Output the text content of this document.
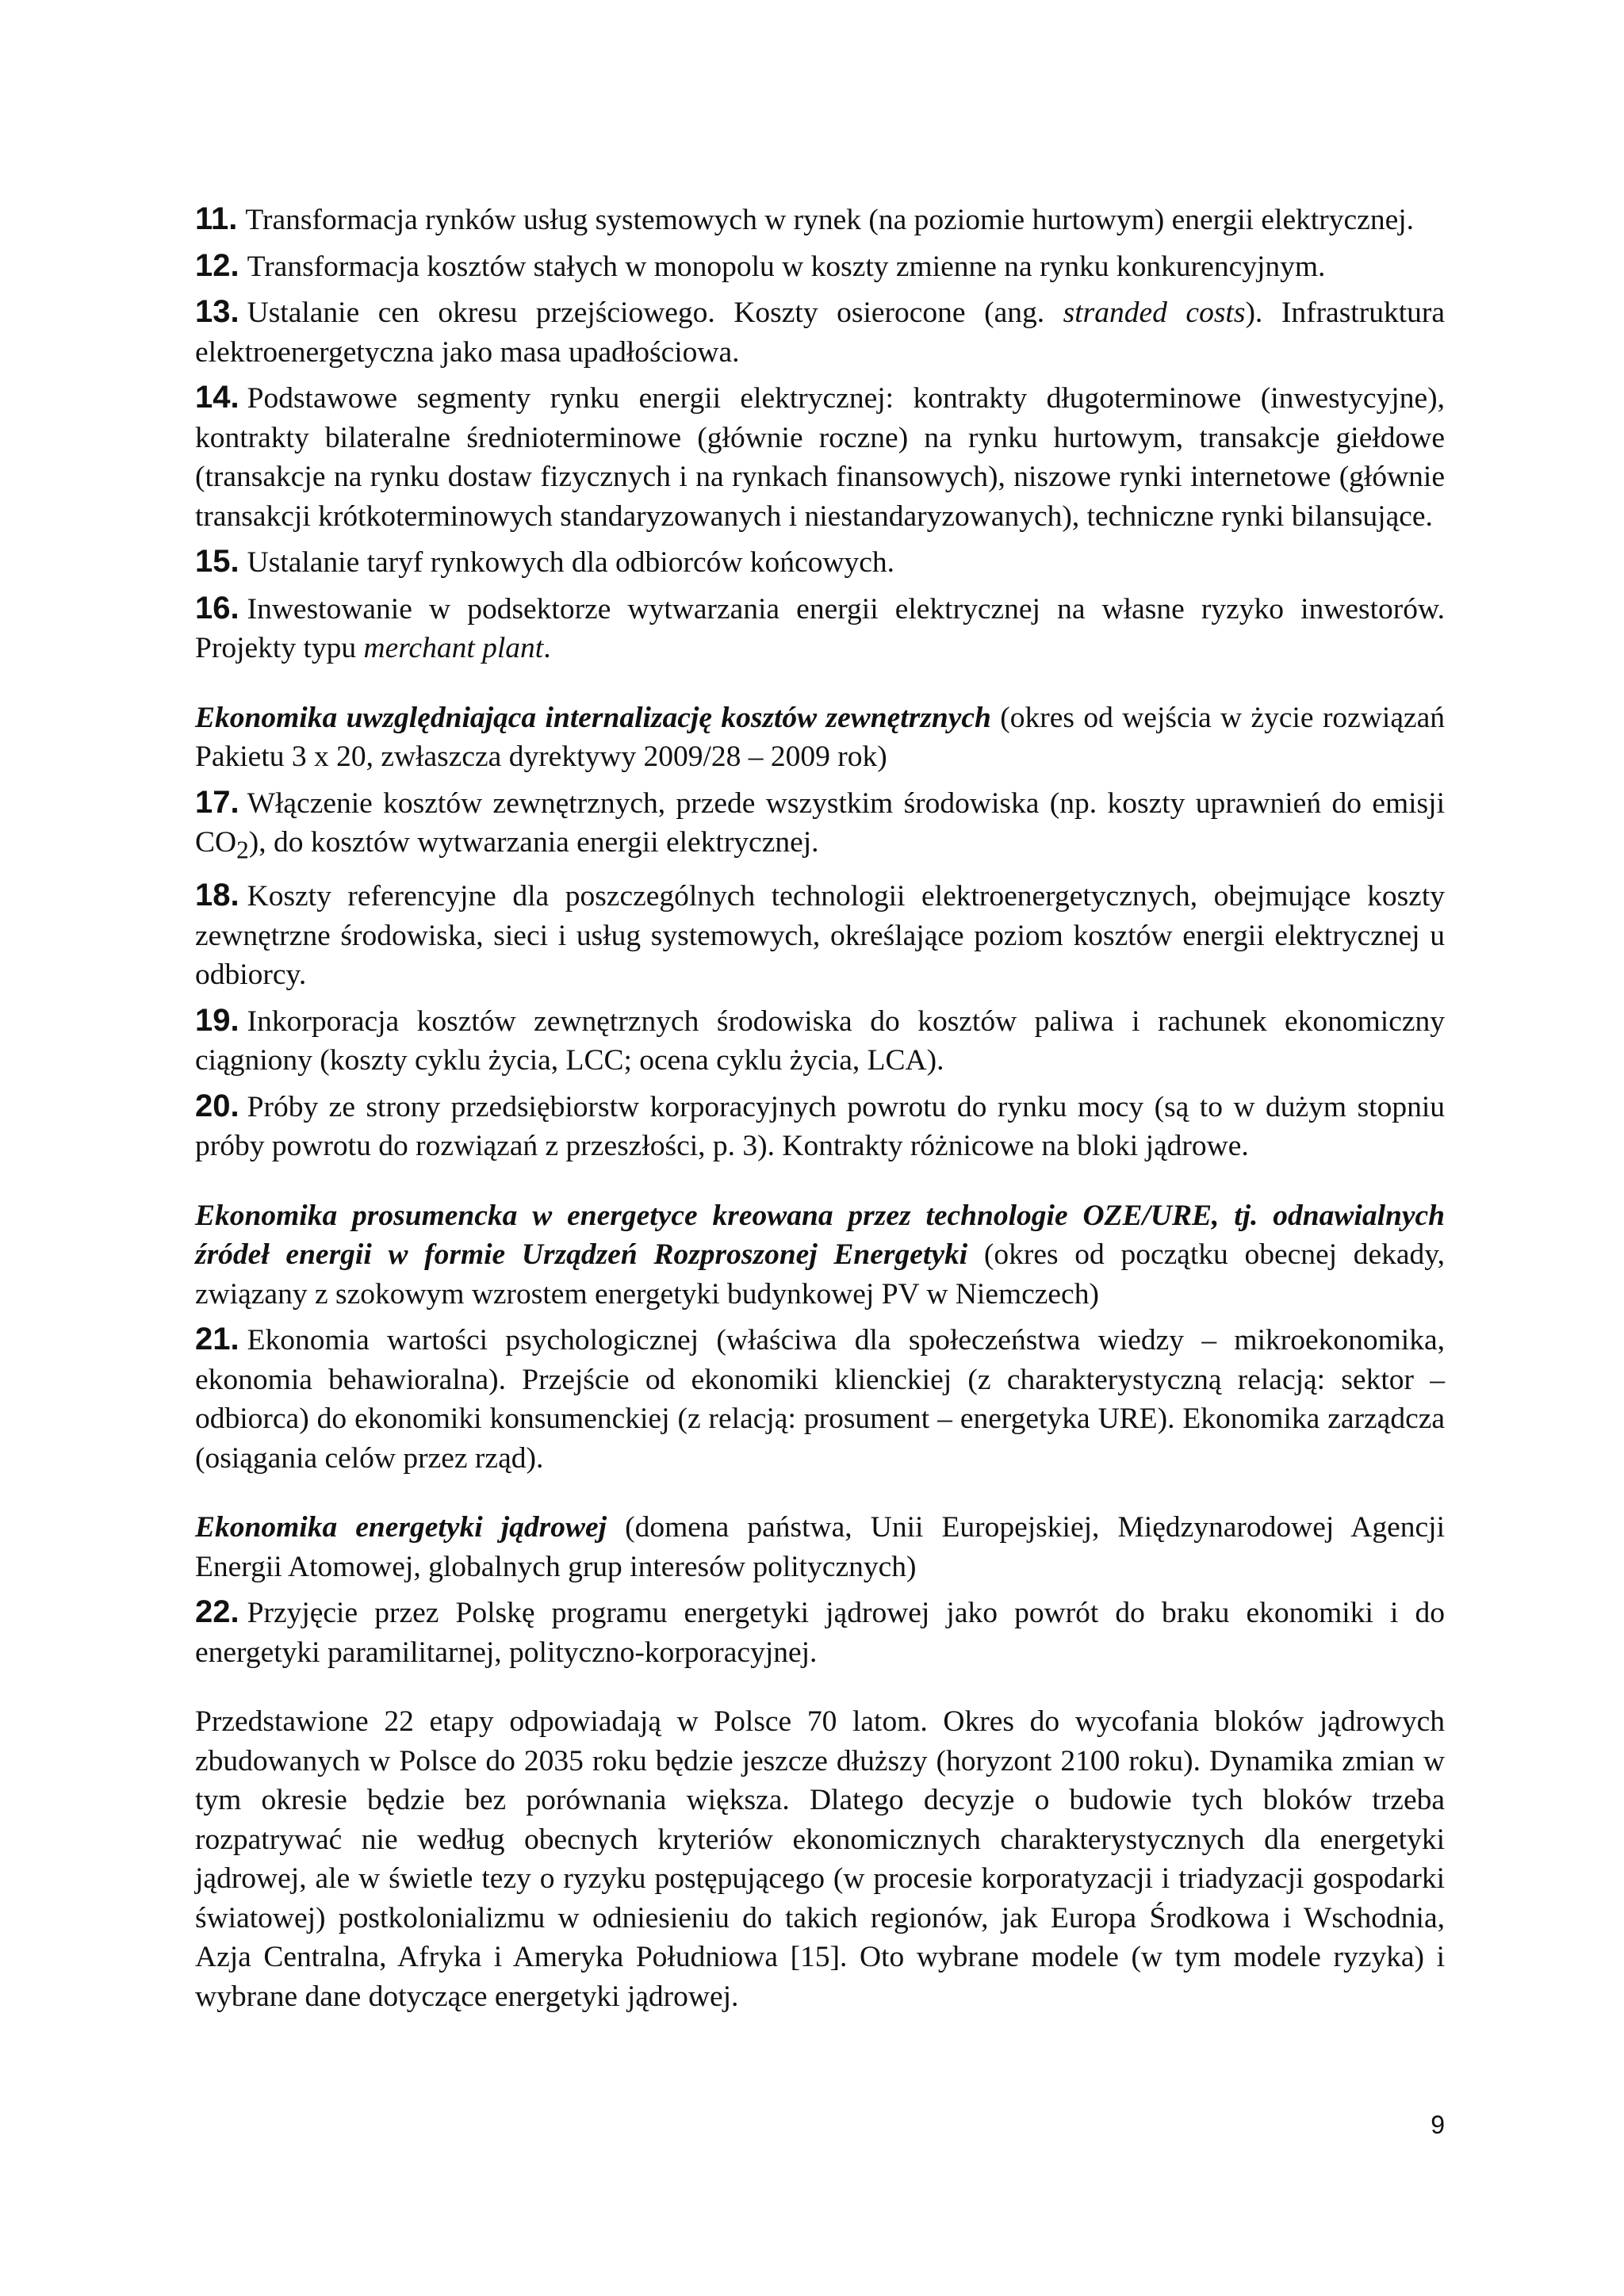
11. Transformacja rynków usług systemowych w rynek (na poziomie hurtowym) energii elektrycznej.

12. Transformacja kosztów stałych w monopolu w koszty zmienne na rynku konkurencyjnym.

13. Ustalanie cen okresu przejściowego. Koszty osierocone (ang. stranded costs). Infrastruktura elektroenergetyczna jako masa upadłościowa.

14. Podstawowe segmenty rynku energii elektrycznej: kontrakty długoterminowe (inwestycyjne), kontrakty bilateralne średnioterminowe (głównie roczne) na rynku hurtowym, transakcje giełdowe (transakcje na rynku dostaw fizycznych i na rynkach finansowych), niszowe rynki internetowe (głównie transakcji krótkoterminowych standaryzowanych i niestandaryzowanych), techniczne rynki bilansujące.

15. Ustalanie taryf rynkowych dla odbiorców końcowych.

16. Inwestowanie w podsektorze wytwarzania energii elektrycznej na własne ryzyko inwestorów. Projekty typu merchant plant.

Ekonomika uwzględniająca internalizację kosztów zewnętrznych (okres od wejścia w życie rozwiązań Pakietu 3 x 20, zwłaszcza dyrektywy 2009/28 – 2009 rok)

17. Włączenie kosztów zewnętrznych, przede wszystkim środowiska (np. koszty uprawnień do emisji $CO_2$), do kosztów wytwarzania energii elektrycznej.

18. Koszty referencyjne dla poszczególnych technologii elektroenergetycznych, obejmujące koszty zewnętrzne środowiska, sieci i usług systemowych, określające poziom kosztów energii elektrycznej u odbiorcy.

19. Inkorporacja kosztów zewnętrznych środowiska do kosztów paliwa i rachunek ekonomiczny ciągniony (koszty cyklu życia, LCC; ocena cyklu życia, LCA).

20. Próby ze strony przedsiębiorstw korporacyjnych powrotu do rynku mocy (są to w dużym stopniu próby powrotu do rozwiązań z przeszłości, p. 3). Kontrakty różnicowe na bloki jądrowe.

Ekonomika prosumencka w energetyce kreowana przez technologie OZE/URE, tj. odnawialnych źródeł energii w formie Urządzeń Rozproszonej Energetyki (okres od początku obecnej dekady, związany z szokowym wzrostem energetyki budynkowej PV w Niemczech)

21. Ekonomia wartości psychologicznej (właściwa dla społeczeństwa wiedzy – mikroekonomika, ekonomia behawioralna). Przejście od ekonomiki klienckiej (z charakterystyczną relacją: sektor – odbiorca) do ekonomiki konsumenckiej (z relacją: prosument – energetyka URE). Ekonomika zarządcza (osiągania celów przez rząd).

Ekonomika energetyki jądrowej (domena państwa, Unii Europejskiej, Międzynarodowej Agencji Energii Atomowej, globalnych grup interesów politycznych)

22. Przyjęcie przez Polskę programu energetyki jądrowej jako powrót do braku ekonomiki i do energetyki paramilitarnej, polityczno-korporacyjnej.

Przedstawione 22 etapy odpowiadają w Polsce 70 latom. Okres do wycofania bloków jądrowych zbudowanych w Polsce do 2035 roku będzie jeszcze dłuższy (horyzont 2100 roku). Dynamika zmian w tym okresie będzie bez porównania większa. Dlatego decyzje o budowie tych bloków trzeba rozpatrywać nie według obecnych kryteriów ekonomicznych charakterystycznych dla energetyki jądrowej, ale w świetle tezy o ryzyku postępującego (w procesie korporatyzacji i triadyzacji gospodarki światowej) postkolonializmu w odniesieniu do takich regionów, jak Europa Środkowa i Wschodnia, Azja Centralna, Afryka i Ameryka Południowa [15]. Oto wybrane modele (w tym modele ryzyka) i wybrane dane dotyczące energetyki jądrowej.

9
